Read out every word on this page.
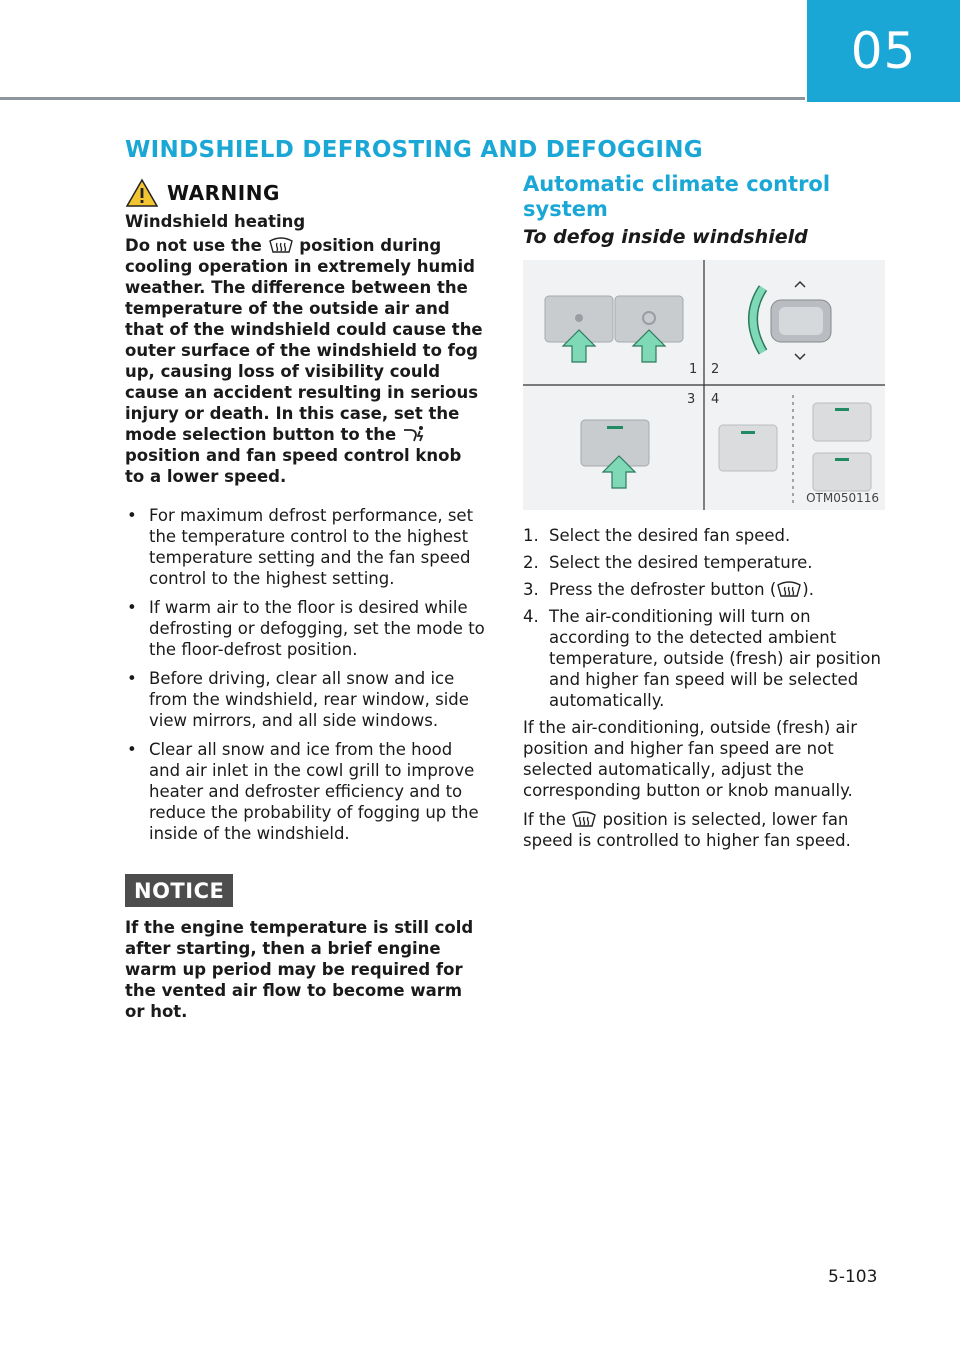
05
WINDSHIELD DEFROSTING AND DEFOGGING
WARNING
Windshield heating

Do not use the  position during cooling operation in extremely humid weather. The difference between the temperature of the outside air and that of the windshield could cause the outer surface of the windshield to fog up, causing loss of visibility could cause an accident resulting in serious injury or death. In this case, set the mode selection button to the  position and fan speed control knob to a lower speed.

• For maximum defrost performance, set the temperature control to the highest temperature setting and the fan speed control to the highest setting.
• If warm air to the floor is desired while defrosting or defogging, set the mode to the floor-defrost position.
• Before driving, clear all snow and ice from the windshield, rear window, side view mirrors, and all side windows.
• Clear all snow and ice from the hood and air inlet in the cowl grill to improve heater and defroster efficiency and to reduce the probability of fogging up the inside of the windshield.
NOTICE

If the engine temperature is still cold after starting, then a brief engine warm up period may be required for the vented air flow to become warm or hot.

Automatic climate control system
To defog inside windshield
1 2
3 4
OTM050116
1. Select the desired fan speed.
2. Select the desired temperature.
3. Press the defroster button ( ).
4. The air-conditioning will turn on according to the detected ambient temperature, outside (fresh) air position and higher fan speed will be selected automatically.

If the air-conditioning, outside (fresh) air position and higher fan speed are not selected automatically, adjust the corresponding button or knob manually.

If the  position is selected, lower fan speed is controlled to higher fan speed.

5-103
